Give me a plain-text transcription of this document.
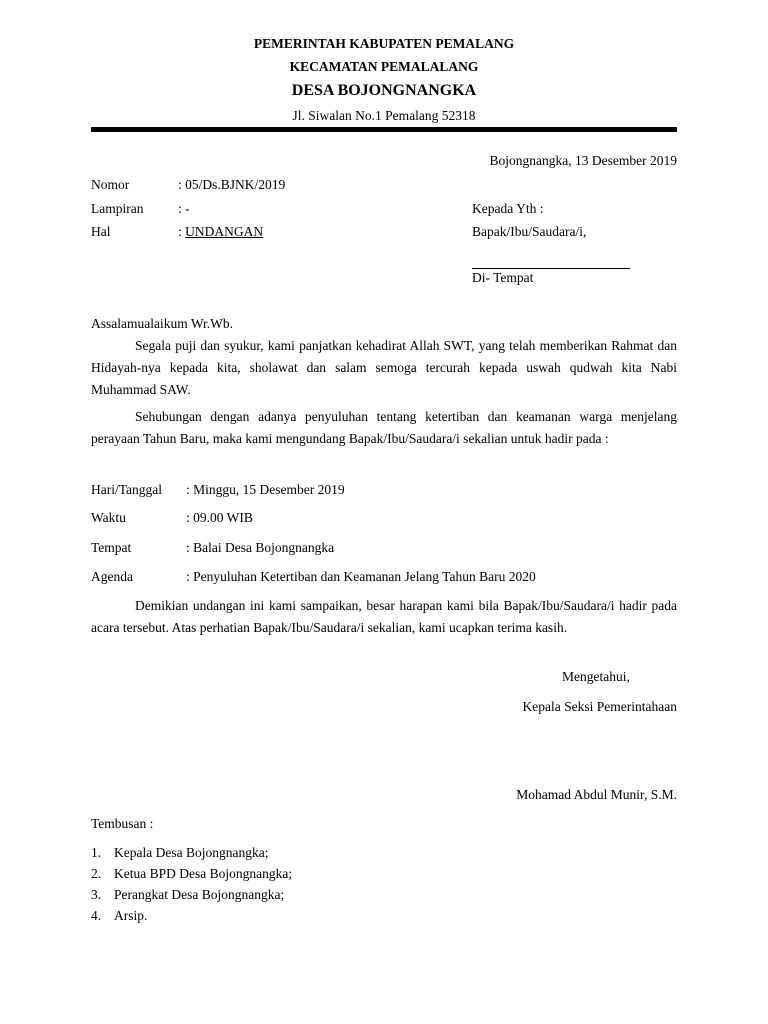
PEMERINTAH KABUPATEN PEMALANG
KECAMATAN PEMALALANG
DESA BOJONGNANGKA
Jl. Siwalan No.1 Pemalang 52318
Bojongnangka, 13 Desember 2019
Nomor	: 05/Ds.BJNK/2019
Lampiran	: -
Hal	: UNDANGAN
Kepada Yth :
Bapak/Ibu/Saudara/i,
Di- Tempat
Assalamualaikum Wr.Wb.
Segala puji dan syukur, kami panjatkan kehadirat Allah SWT, yang telah memberikan Rahmat dan Hidayah-nya kepada kita, sholawat dan salam semoga tercurah kepada uswah qudwah kita Nabi Muhammad SAW.
Sehubungan dengan adanya penyuluhan tentang ketertiban dan keamanan warga menjelang perayaan Tahun Baru, maka kami mengundang Bapak/Ibu/Saudara/i sekalian untuk hadir pada :
Hari/Tanggal : Minggu, 15 Desember 2019
Waktu	: 09.00 WIB
Tempat	: Balai Desa Bojongnangka
Agenda	: Penyuluhan Ketertiban dan Keamanan Jelang Tahun Baru 2020
Demikian undangan ini kami sampaikan, besar harapan kami bila Bapak/Ibu/Saudara/i hadir pada acara tersebut. Atas perhatian Bapak/Ibu/Saudara/i sekalian, kami ucapkan terima kasih.
Mengetahui,
Kepala Seksi Pemerintahaan
Mohamad Abdul Munir, S.M.
Tembusan :
1. Kepala Desa Bojongnangka;
2. Ketua BPD Desa Bojongnangka;
3. Perangkat Desa Bojongnangka;
4. Arsip.
